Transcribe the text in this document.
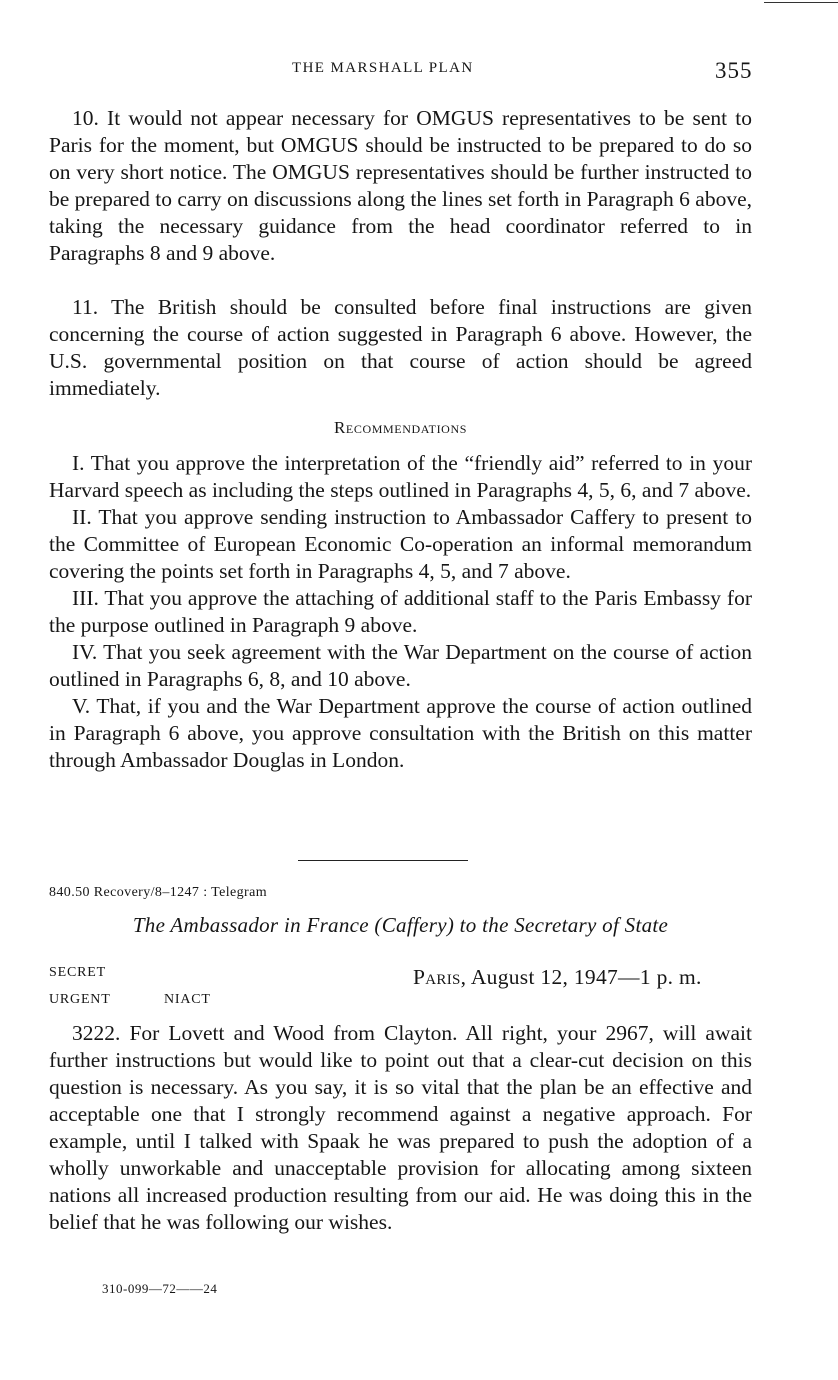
THE MARSHALL PLAN	355

10. It would not appear necessary for OMGUS representatives to be sent to Paris for the moment, but OMGUS should be instructed to be prepared to do so on very short notice. The OMGUS representatives should be further instructed to be prepared to carry on discussions along the lines set forth in Paragraph 6 above, taking the necessary guidance from the head coordinator referred to in Paragraphs 8 and 9 above.

11. The British should be consulted before final instructions are given concerning the course of action suggested in Paragraph 6 above. However, the U.S. governmental position on that course of action should be agreed immediately.

Recommendations

I. That you approve the interpretation of the “friendly aid” referred to in your Harvard speech as including the steps outlined in Paragraphs 4, 5, 6, and 7 above.

II. That you approve sending instruction to Ambassador Caffery to present to the Committee of European Economic Co-operation an informal memorandum covering the points set forth in Paragraphs 4, 5, and 7 above.

III. That you approve the attaching of additional staff to the Paris Embassy for the purpose outlined in Paragraph 9 above.

IV. That you seek agreement with the War Department on the course of action outlined in Paragraphs 6, 8, and 10 above.

V. That, if you and the War Department approve the course of action outlined in Paragraph 6 above, you approve consultation with the British on this matter through Ambassador Douglas in London.

840.50 Recovery/8–1247 : Telegram
The Ambassador in France (Caffery) to the Secretary of State
SECRET
URGENT	NIACT
Paris, August 12, 1947—1 p. m.

3222. For Lovett and Wood from Clayton. All right, your 2967, will await further instructions but would like to point out that a clear-cut decision on this question is necessary. As you say, it is so vital that the plan be an effective and acceptable one that I strongly recommend against a negative approach. For example, until I talked with Spaak he was prepared to push the adoption of a wholly unworkable and unacceptable provision for allocating among sixteen nations all increased production resulting from our aid. He was doing this in the belief that he was following our wishes.

310-099—72——24
